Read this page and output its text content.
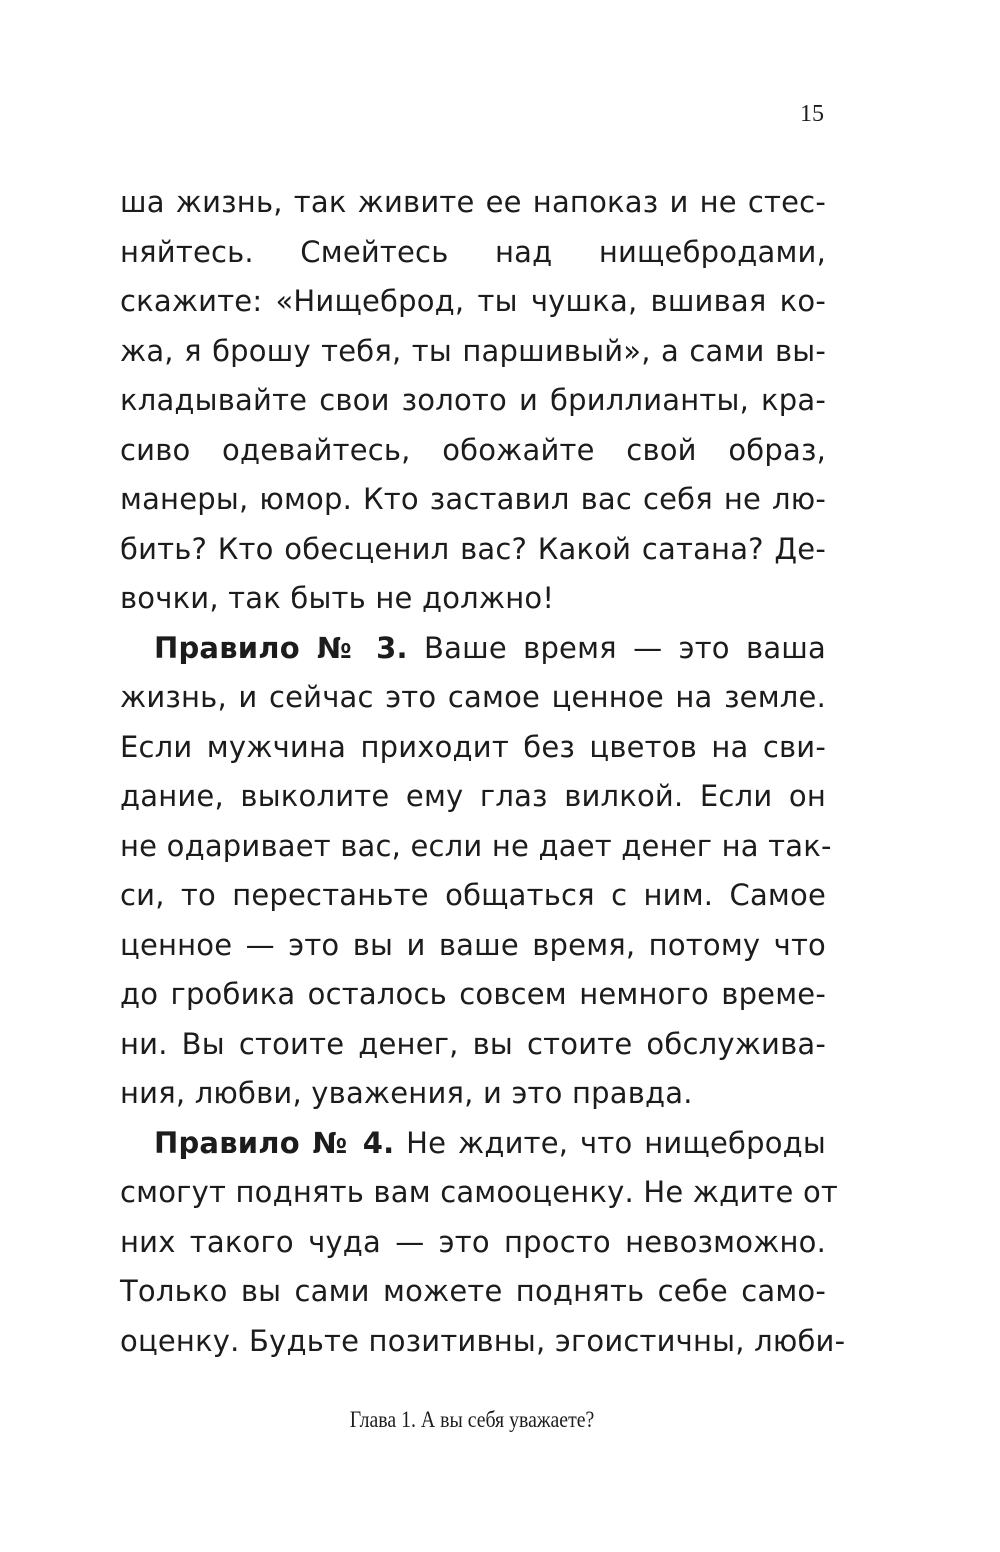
15
ша жизнь, так живите ее напоказ и не стес-
няйтесь. Смейтесь над нищебродами,
скажите: «Нищеброд, ты чушка, вшивая ко-
жа, я брошу тебя, ты паршивый», а сами вы-
кладывайте свои золото и бриллианты, кра-
сиво одевайтесь, обожайте свой образ,
манеры, юмор. Кто заставил вас себя не лю-
бить? Кто обесценил вас? Какой сатана? Де-
вочки, так быть не должно!
Правило № 3. Ваше время — это ваша
жизнь, и сейчас это самое ценное на земле.
Если мужчина приходит без цветов на сви-
дание, выколите ему глаз вилкой. Если он
не одаривает вас, если не дает денег на так-
си, то перестаньте общаться с ним. Самое
ценное — это вы и ваше время, потому что
до гробика осталось совсем немного време-
ни. Вы стоите денег, вы стоите обслужива-
ния, любви, уважения, и это правда.
Правило № 4. Не ждите, что нищеброды
смогут поднять вам самооценку. Не ждите от
них такого чуда — это просто невозможно.
Только вы сами можете поднять себе само-
оценку. Будьте позитивны, эгоистичны, люби-
Глава 1. А вы себя уважаете?
